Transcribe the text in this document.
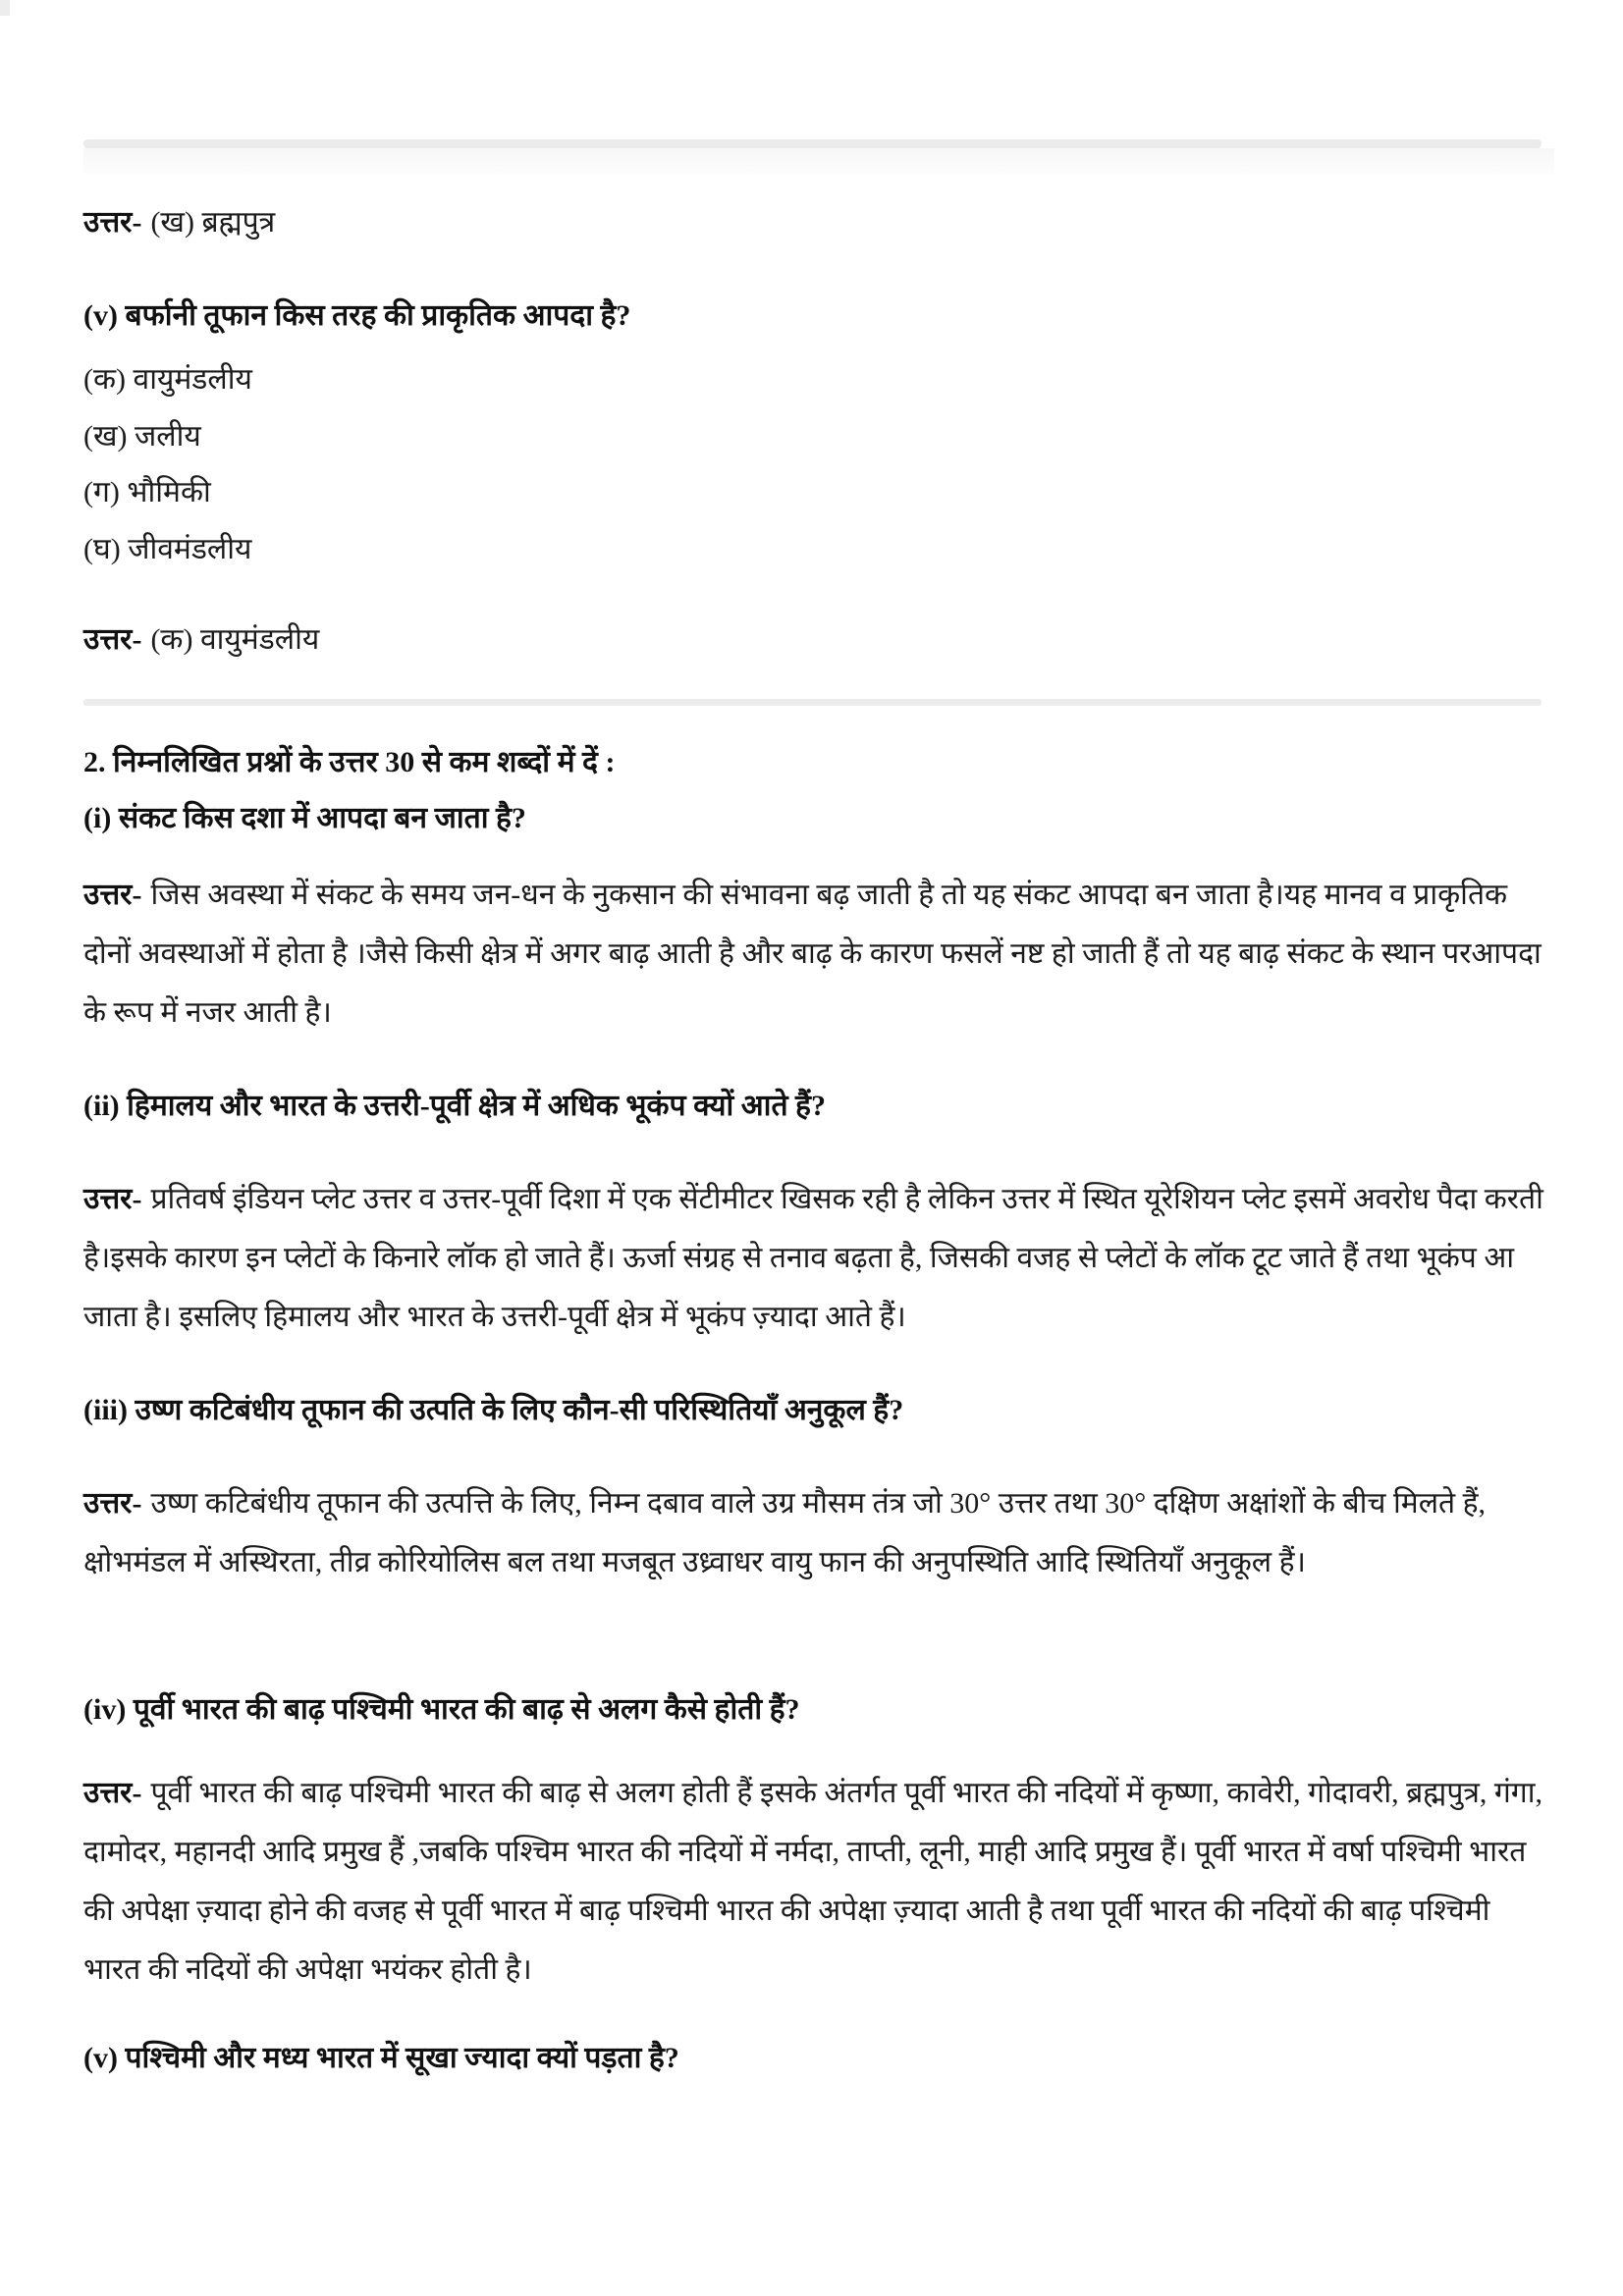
उत्तर- (ख) ब्रह्मपुत्र
(v) बर्फानी तूफान किस तरह की प्राकृतिक आपदा है?
(क) वायुमंडलीय
(ख) जलीय
(ग) भौमिकी
(घ) जीवमंडलीय
उत्तर- (क) वायुमंडलीय
2. निम्नलिखित प्रश्नों के उत्तर 30 से कम शब्दों में दें :
(i) संकट किस दशा में आपदा बन जाता है?

उत्तर- जिस अवस्था में संकट के समय जन-धन के नुकसान की संभावना बढ़ जाती है तो यह संकट आपदा बन जाता है।यह मानव व प्राकृतिक दोनों अवस्थाओं में होता है ।जैसे किसी क्षेत्र में अगर बाढ़ आती है और बाढ़ के कारण फसलें नष्ट हो जाती हैं तो यह बाढ़ संकट के स्थान परआपदा के रूप में नजर आती है।

(ii) हिमालय और भारत के उत्तरी-पूर्वी क्षेत्र में अधिक भूकंप क्यों आते हैं?

उत्तर- प्रतिवर्ष इंडियन प्लेट उत्तर व उत्तर-पूर्वी दिशा में एक सेंटीमीटर खिसक रही है लेकिन उत्तर में स्थित यूरेशियन प्लेट इसमें अवरोध पैदा करती है।इसके कारण इन प्लेटों के किनारे लॉक हो जाते हैं। ऊर्जा संग्रह से तनाव बढ़ता है, जिसकी वजह से प्लेटों के लॉक टूट जाते हैं तथा भूकंप आ जाता है। इसलिए हिमालय और भारत के उत्तरी-पूर्वी क्षेत्र में भूकंप ज़्यादा आते हैं।

(iii) उष्ण कटिबंधीय तूफान की उत्पति के लिए कौन-सी परिस्थितियाँ अनुकूल हैं?

उत्तर- उष्ण कटिबंधीय तूफान की उत्पत्ति के लिए, निम्न दबाव वाले उग्र मौसम तंत्र जो 30° उत्तर तथा 30° दक्षिण अक्षांशों के बीच मिलते हैं, क्षोभमंडल में अस्थिरता, तीव्र कोरियोलिस बल तथा मजबूत उध्र्वाधर वायु फान की अनुपस्थिति आदि स्थितियाँ अनुकूल हैं।

(iv) पूर्वी भारत की बाढ़ पश्चिमी भारत की बाढ़ से अलग कैसे होती हैं?

उत्तर- पूर्वी भारत की बाढ़ पश्चिमी भारत की बाढ़ से अलग होती हैं इसके अंतर्गत पूर्वी भारत की नदियों में कृष्णा, कावेरी, गोदावरी, ब्रह्मपुत्र, गंगा, दामोदर, महानदी आदि प्रमुख हैं ,जबकि पश्चिम भारत की नदियों में नर्मदा, ताप्ती, लूनी, माही आदि प्रमुख हैं। पूर्वी भारत में वर्षा पश्चिमी भारत की अपेक्षा ज़्यादा होने की वजह से पूर्वी भारत में बाढ़ पश्चिमी भारत की अपेक्षा ज़्यादा आती है तथा पूर्वी भारत की नदियों की बाढ़ पश्चिमी भारत की नदियों की अपेक्षा भयंकर होती है।

(v) पश्चिमी और मध्य भारत में सूखा ज्यादा क्यों पड़ता है?
